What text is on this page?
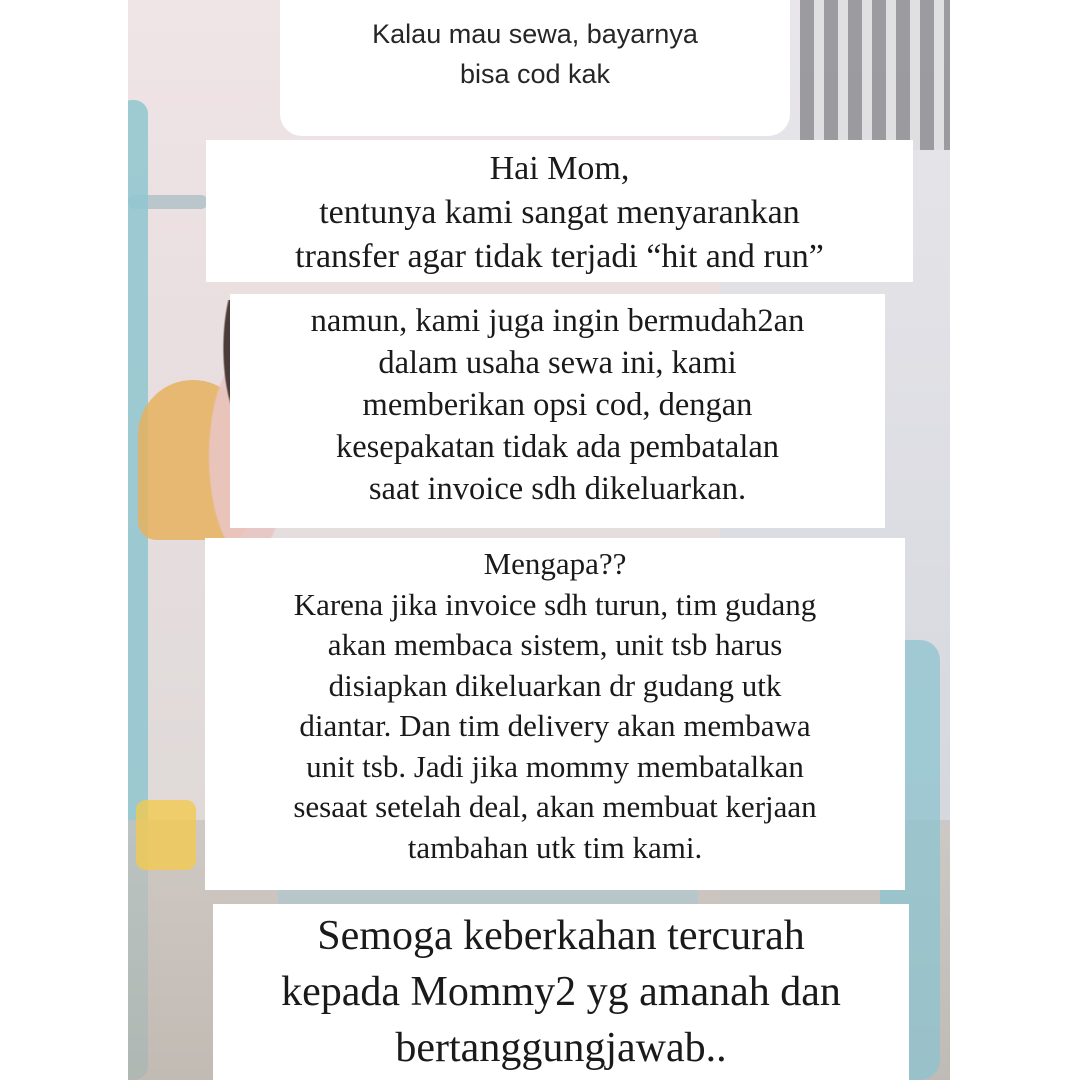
Kalau mau sewa, bayarnya
bisa cod kak
Hai Mom,
tentunya kami sangat menyarankan
transfer agar tidak terjadi “hit and run”
namun, kami juga ingin bermudah2an
dalam usaha sewa ini, kami
memberikan opsi cod, dengan
kesepakatan tidak ada pembatalan
saat invoice sdh dikeluarkan.
Mengapa??
Karena jika invoice sdh turun, tim gudang
akan membaca sistem, unit tsb harus
disiapkan dikeluarkan dr gudang utk
diantar. Dan tim delivery akan membawa
unit tsb. Jadi jika mommy membatalkan
sesaat setelah deal, akan membuat kerjaan
tambahan utk tim kami.
Semoga keberkahan tercurah
kepada Mommy2 yg amanah dan
bertanggungjawab..
